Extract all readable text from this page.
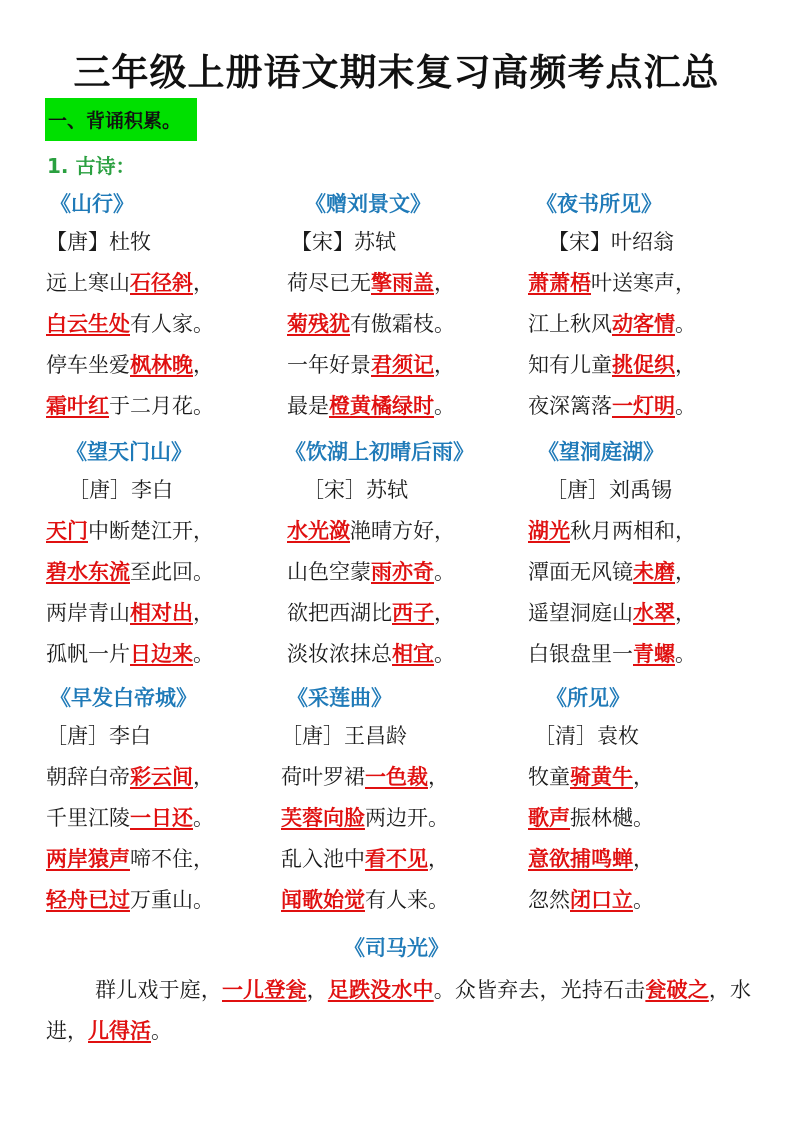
三年级上册语文期末复习高频考点汇总
一、背诵积累。
1. 古诗：
《山行》
【唐】杜牧
远上寒山石径斜，
白云生处有人家。
停车坐爱枫林晚，
霜叶红于二月花。
《赠刘景文》
【宋】苏轼
荷尽已无擎雨盖，
菊残犹有傲霜枝。
一年好景君须记，
最是橙黄橘绿时。
《夜书所见》
【宋】叶绍翁
萧萧梧叶送寒声，
江上秋风动客情。
知有儿童挑促织，
夜深篱落一灯明。
《望天门山》
［唐］李白
天门中断楚江开，
碧水东流至此回。
两岸青山相对出，
孤帆一片日边来。
《饮湖上初晴后雨》
［宋］苏轼
水光潋滟晴方好，
山色空蒙雨亦奇。
欲把西湖比西子，
淡妆浓抹总相宜。
《望洞庭湖》
［唐］刘禹锡
湖光秋月两相和，
潭面无风镜未磨，
遥望洞庭山水翠，
白银盘里一青螺。
《早发白帝城》
［唐］李白
朝辞白帝彩云间，
千里江陵一日还。
两岸猿声啼不住，
轻舟已过万重山。
《采莲曲》
［唐］王昌龄
荷叶罗裙一色裁，
芙蓉向脸两边开。
乱入池中看不见，
闻歌始觉有人来。
《所见》
［清］袁枚
牧童骑黄牛，
歌声振林樾。
意欲捕鸣蝉，
忽然闭口立。
《司马光》
群儿戏于庭，一儿登瓮，足跌没水中。众皆弃去，光持石击瓮破之，水进，儿得活。
